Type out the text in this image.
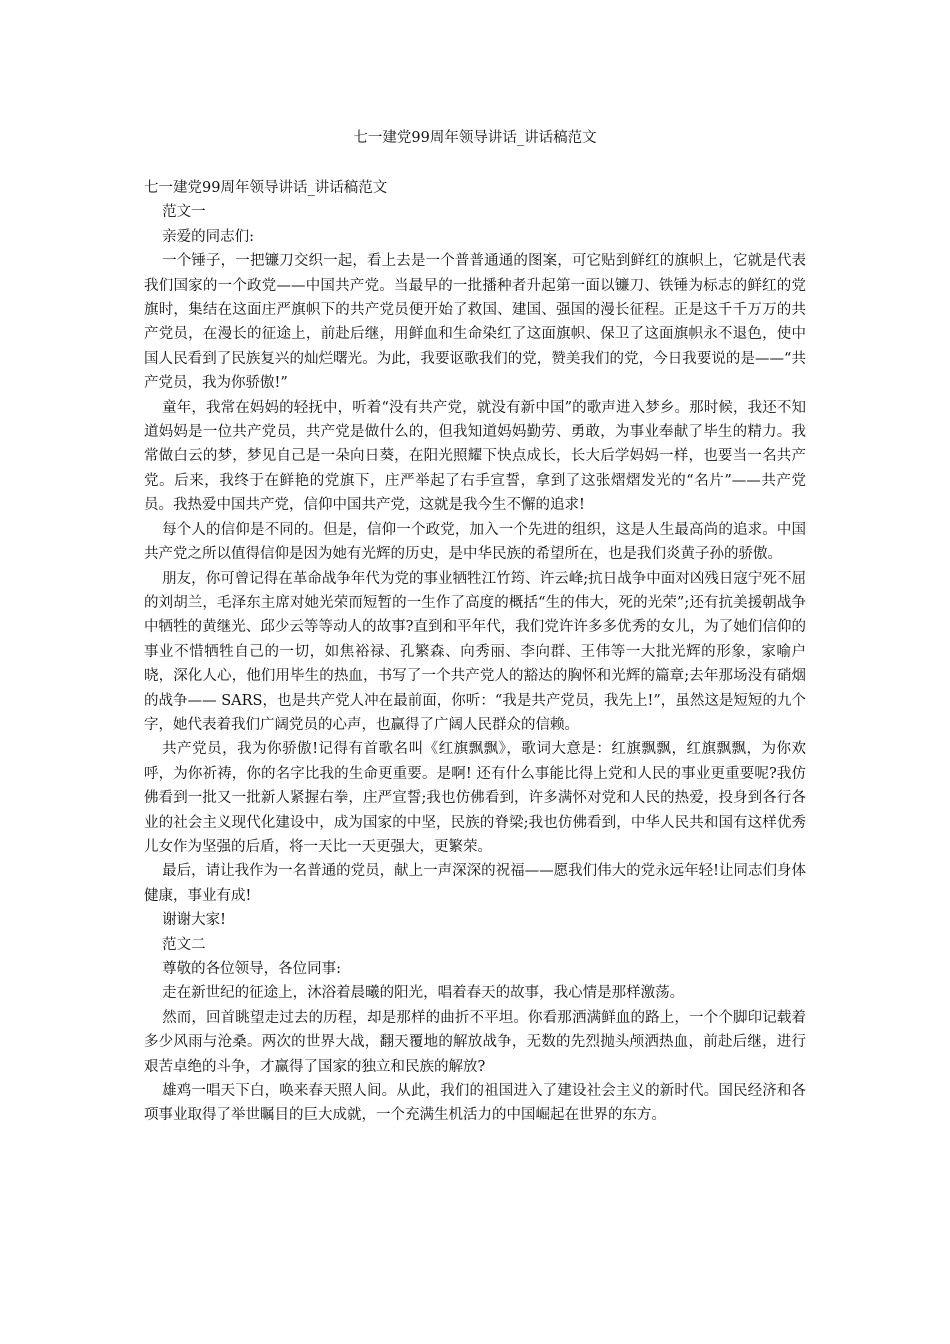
七一建党99周年领导讲话_讲话稿范文

七一建党99周年领导讲话_讲话稿范文

范文一

亲爱的同志们:

一个锤子，一把镰刀交织一起，看上去是一个普普通通的图案，可它贴到鲜红的旗帜上，它就是代表我们国家的一个政党——中国共产党。当最早的一批播种者升起第一面以镰刀、铁锤为标志的鲜红的党旗时，集结在这面庄严旗帜下的共产党员便开始了救国、建国、强国的漫长征程。正是这千千万万的共产党员，在漫长的征途上，前赴后继，用鲜血和生命染红了这面旗帜、保卫了这面旗帜永不退色，使中国人民看到了民族复兴的灿烂曙光。为此，我要讴歌我们的党，赞美我们的党，今日我要说的是——“共产党员，我为你骄傲!”

童年，我常在妈妈的轻抚中，听着“没有共产党，就没有新中国”的歌声进入梦乡。那时候，我还不知道妈妈是一位共产党员，共产党是做什么的，但我知道妈妈勤劳、勇敢，为事业奉献了毕生的精力。我常做白云的梦，梦见自己是一朵向日葵，在阳光照耀下快点成长，长大后学妈妈一样，也要当一名共产党。后来，我终于在鲜艳的党旗下，庄严举起了右手宣誓，拿到了这张熠熠发光的“名片”——共产党员。我热爱中国共产党，信仰中国共产党，这就是我今生不懈的追求!

每个人的信仰是不同的。但是，信仰一个政党，加入一个先进的组织，这是人生最高尚的追求。中国共产党之所以值得信仰是因为她有光辉的历史，是中华民族的希望所在，也是我们炎黄子孙的骄傲。

朋友，你可曾记得在革命战争年代为党的事业牺牲江竹筠、许云峰;抗日战争中面对凶残日寇宁死不屈的刘胡兰，毛泽东主席对她光荣而短暂的一生作了高度的概括“生的伟大，死的光荣”;还有抗美援朝战争中牺牲的黄继光、邱少云等等动人的故事?直到和平年代，我们党许许多多优秀的女儿，为了她们信仰的事业不惜牺牲自己的一切，如焦裕禄、孔繁森、向秀丽、李向群、王伟等一大批光辉的形象，家喻户晓，深化人心，他们用毕生的热血，书写了一个共产党人的豁达的胸怀和光辉的篇章;去年那场没有硝烟的战争—— SARS，也是共产党人冲在最前面，你听：“我是共产党员，我先上!”，虽然这是短短的九个字，她代表着我们广阔党员的心声，也赢得了广阔人民群众的信赖。

共产党员，我为你骄傲!记得有首歌名叫《红旗飘飘》，歌词大意是：红旗飘飘，红旗飘飘，为你欢呼，为你祈祷，你的名字比我的生命更重要。是啊! 还有什么事能比得上党和人民的事业更重要呢?我仿佛看到一批又一批新人紧握右拳，庄严宣誓;我也仿佛看到，许多满怀对党和人民的热爱，投身到各行各业的社会主义现代化建设中，成为国家的中坚，民族的脊梁;我也仿佛看到，中华人民共和国有这样优秀儿女作为坚强的后盾，将一天比一天更强大，更繁荣。

最后，请让我作为一名普通的党员，献上一声深深的祝福——愿我们伟大的党永远年轻!让同志们身体健康，事业有成!

谢谢大家!

范文二

尊敬的各位领导，各位同事:

走在新世纪的征途上，沐浴着晨曦的阳光，唱着春天的故事，我心情是那样激荡。

然而，回首眺望走过去的历程，却是那样的曲折不平坦。你看那洒满鲜血的路上，一个个脚印记载着多少风雨与沧桑。两次的世界大战，翻天覆地的解放战争，无数的先烈抛头颅洒热血，前赴后继，进行艰苦卓绝的斗争，才赢得了国家的独立和民族的解放?

雄鸡一唱天下白，唤来春天照人间。从此，我们的祖国进入了建设社会主义的新时代。国民经济和各项事业取得了举世瞩目的巨大成就，一个充满生机活力的中国崛起在世界的东方。
